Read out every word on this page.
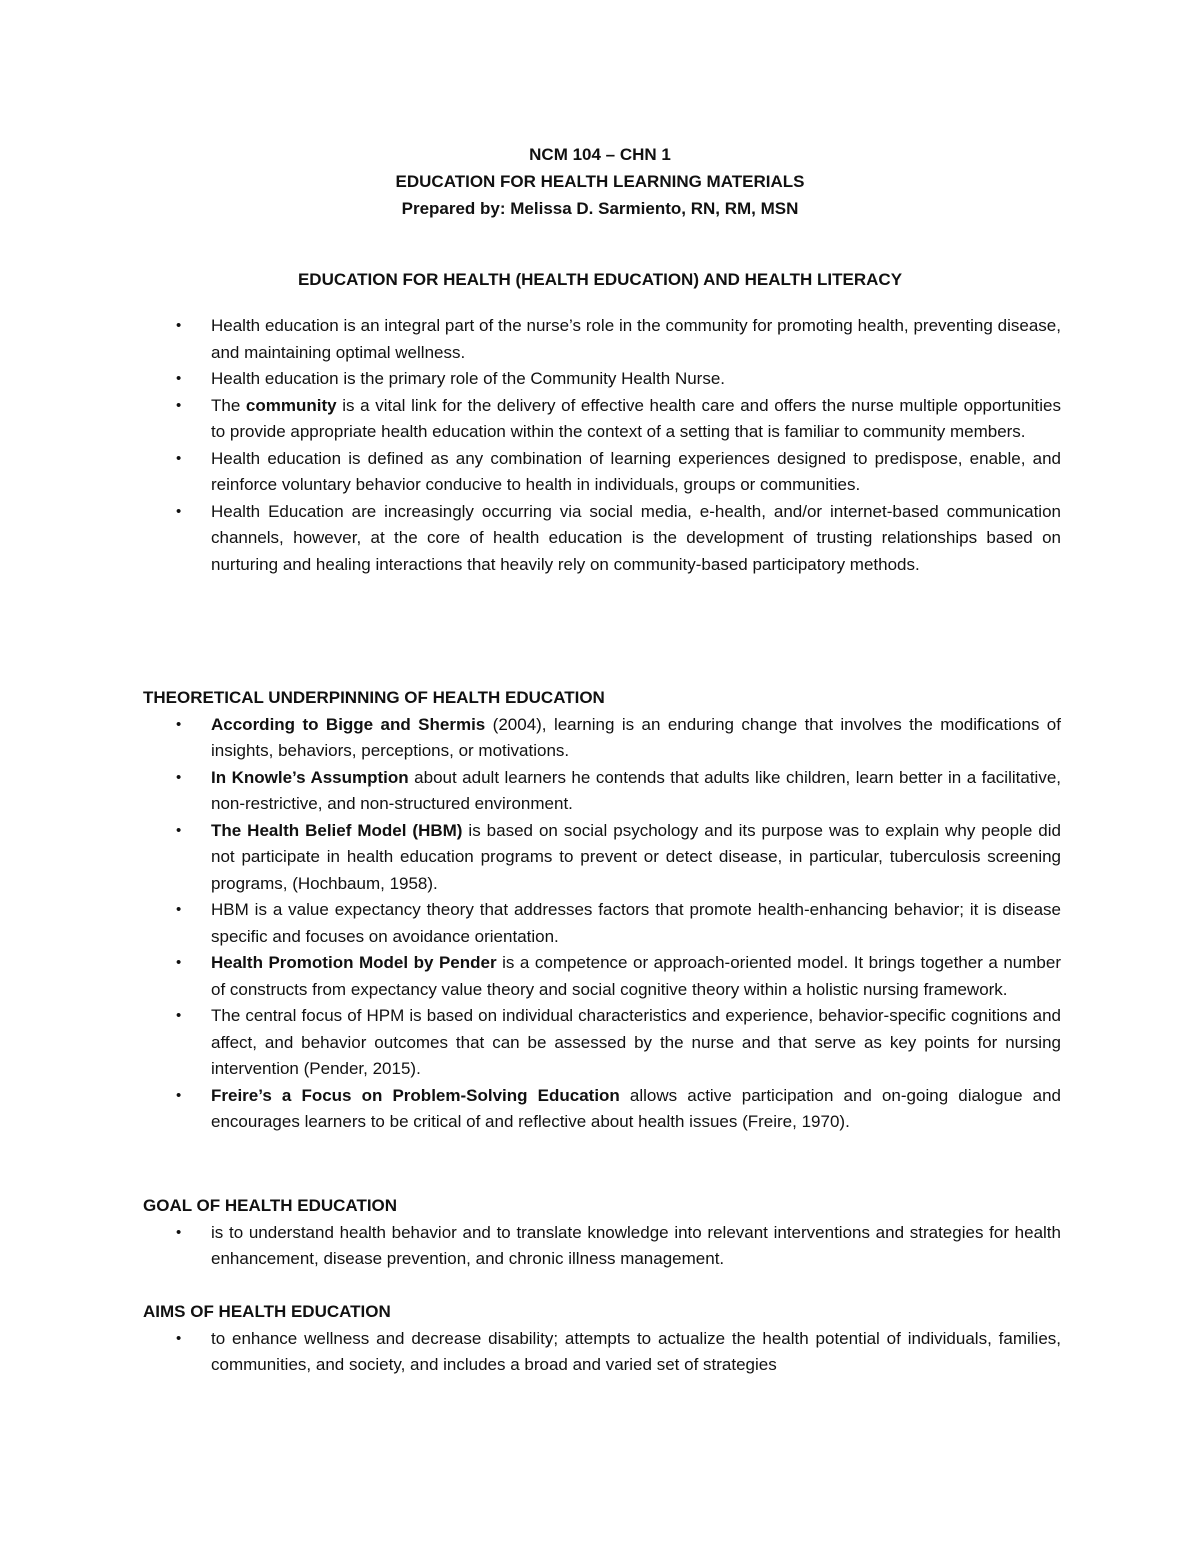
NCM 104 – CHN 1
EDUCATION FOR HEALTH LEARNING MATERIALS
Prepared by: Melissa D. Sarmiento, RN, RM, MSN
EDUCATION FOR HEALTH (HEALTH EDUCATION) AND HEALTH LITERACY
• Health education is an integral part of the nurse’s role in the community for promoting health, preventing disease, and maintaining optimal wellness.
• Health education is the primary role of the Community Health Nurse.
• The community is a vital link for the delivery of effective health care and offers the nurse multiple opportunities to provide appropriate health education within the context of a setting that is familiar to community members.
• Health education is defined as any combination of learning experiences designed to predispose, enable, and reinforce voluntary behavior conducive to health in individuals, groups or communities.
• Health Education are increasingly occurring via social media, e-health, and/or internet-based communication channels, however, at the core of health education is the development of trusting relationships based on nurturing and healing interactions that heavily rely on community-based participatory methods.
THEORETICAL UNDERPINNING OF HEALTH EDUCATION
• According to Bigge and Shermis (2004), learning is an enduring change that involves the modifications of insights, behaviors, perceptions, or motivations.
• In Knowle’s Assumption about adult learners he contends that adults like children, learn better in a facilitative, non-restrictive, and non-structured environment.
• The Health Belief Model (HBM) is based on social psychology and its purpose was to explain why people did not participate in health education programs to prevent or detect disease, in particular, tuberculosis screening programs, (Hochbaum, 1958).
• HBM is a value expectancy theory that addresses factors that promote health-enhancing behavior; it is disease specific and focuses on avoidance orientation.
• Health Promotion Model by Pender is a competence or approach-oriented model. It brings together a number of constructs from expectancy value theory and social cognitive theory within a holistic nursing framework.
• The central focus of HPM is based on individual characteristics and experience, behavior-specific cognitions and affect, and behavior outcomes that can be assessed by the nurse and that serve as key points for nursing intervention (Pender, 2015).
• Freire’s a Focus on Problem-Solving Education allows active participation and on-going dialogue and encourages learners to be critical of and reflective about health issues (Freire, 1970).
GOAL OF HEALTH EDUCATION
• is to understand health behavior and to translate knowledge into relevant interventions and strategies for health enhancement, disease prevention, and chronic illness management.
AIMS OF HEALTH EDUCATION
• to enhance wellness and decrease disability; attempts to actualize the health potential of individuals, families, communities, and society, and includes a broad and varied set of strategies
